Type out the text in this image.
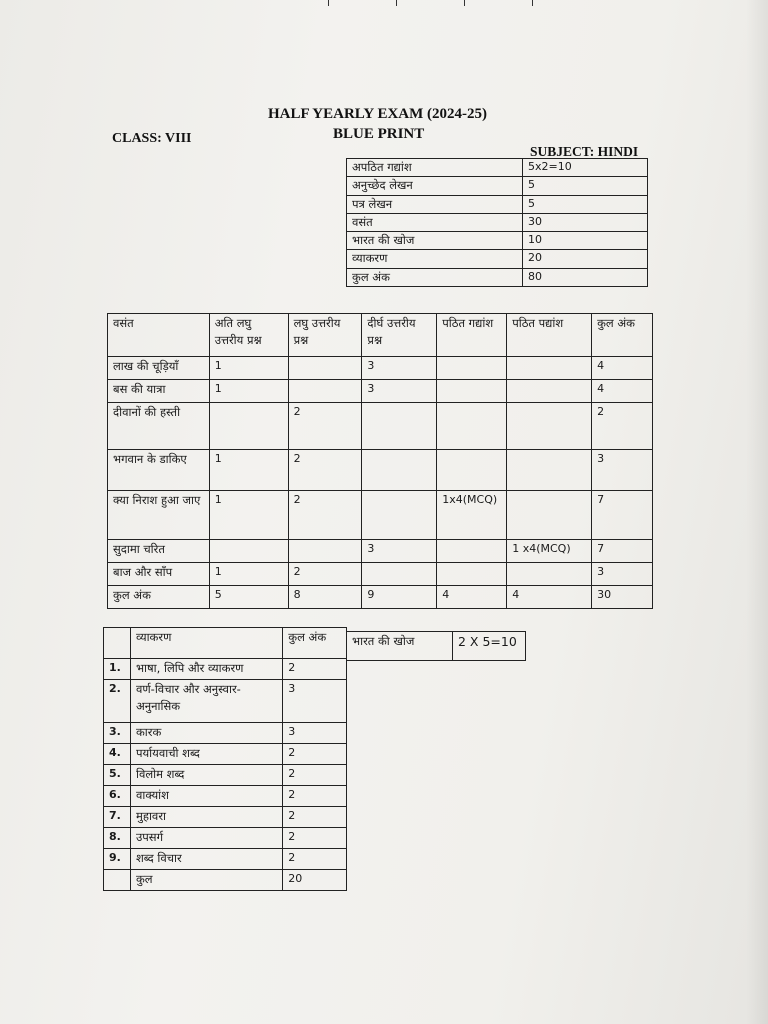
HALF YEARLY EXAM (2024-25)
BLUE PRINT
CLASS: VIII
SUBJECT: HINDI
अपठित गद्यांश	5x2=10
अनुच्छेद लेखन	5
पत्र लेखन	5
वसंत	30
भारत की खोज	10
व्याकरण	20
कुल अंक	80
वसंत	अति लघु उत्तरीय प्रश्न	लघु उत्तरीय प्रश्न	दीर्घ उत्तरीय प्रश्न	पठित गद्यांश	पठित पद्यांश	कुल अंक
लाख की चूड़ियाँ	1		3			4
बस की यात्रा	1		3			4
दीवानों की हस्ती		2				2
भगवान के डाकिए	1	2				3
क्या निराश हुआ जाए	1	2		1x4(MCQ)		7
सुदामा चरित			3		1 x4(MCQ)	7
बाज और साँप	1	2				3
कुल अंक	5	8	9	4	4	30
	व्याकरण	कुल अंक
1.	भाषा, लिपि और व्याकरण	2
2.	वर्ण-विचार और अनुस्वार- अनुनासिक	3
3.	कारक	3
4.	पर्यायवाची शब्द	2
5.	विलोम शब्द	2
6.	वाक्यांश	2
7.	मुहावरा	2
8.	उपसर्ग	2
9.	शब्द विचार	2
	कुल	20
भारत की खोज	2 X 5=10
